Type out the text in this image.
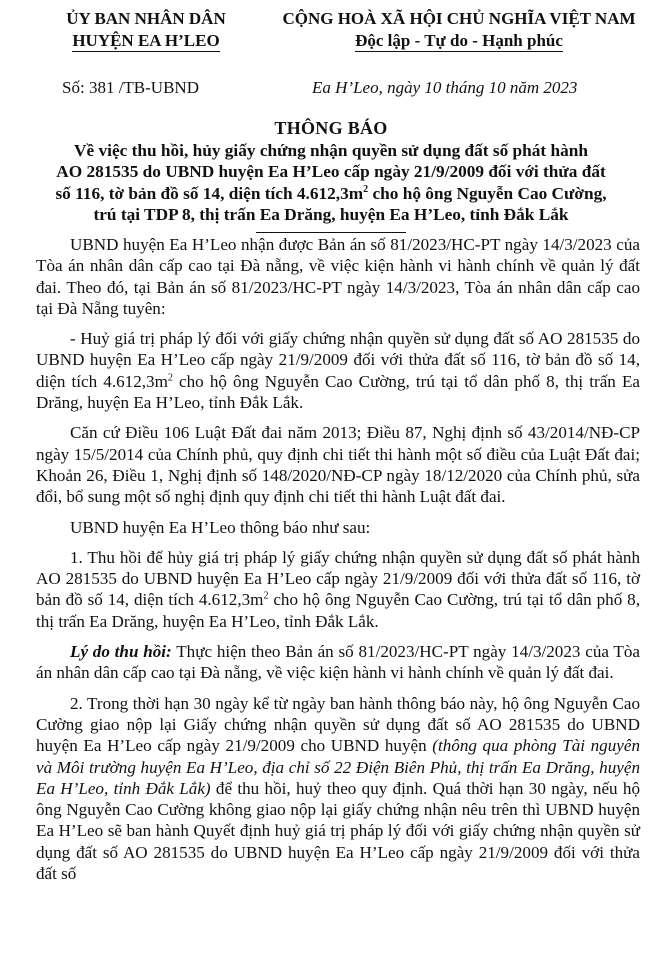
ỦY BAN NHÂN DÂN
HUYỆN EA H’LEO
CỘNG HOÀ XÃ HỘI CHỦ NGHĨA VIỆT NAM
Độc lập - Tự do - Hạnh phúc
Số: 381 /TB-UBND	Ea H’Leo, ngày 10 tháng 10 năm 2023
THÔNG BÁO
Về việc thu hồi, hủy giấy chứng nhận quyền sử dụng đất số phát hành
AO 281535 do UBND huyện Ea H’Leo cấp ngày 21/9/2009 đối với thửa đất
số 116, tờ bản đồ số 14, diện tích $4.612,3m^2$ cho hộ ông Nguyễn Cao Cường,
trú tại TDP 8, thị trấn Ea Drăng, huyện Ea H’Leo, tỉnh Đắk Lắk

UBND huyện Ea H’Leo nhận được Bản án số 81/2023/HC-PT ngày 14/3/2023 của Tòa án nhân dân cấp cao tại Đà nẵng, về việc kiện hành vi hành chính về quản lý đất đai. Theo đó, tại Bản án số 81/2023/HC-PT ngày 14/3/2023, Tòa án nhân dân cấp cao tại Đà Nẵng tuyên:

- Huỷ giá trị pháp lý đối với giấy chứng nhận quyền sử dụng đất số AO 281535 do UBND huyện Ea H’Leo cấp ngày 21/9/2009 đối với thửa đất số 116, tờ bản đồ số 14, diện tích $4.612,3m^2$ cho hộ ông Nguyễn Cao Cường, trú tại tổ dân phố 8, thị trấn Ea Drăng, huyện Ea H’Leo, tỉnh Đắk Lắk.

Căn cứ Điều 106 Luật Đất đai năm 2013; Điều 87, Nghị định số 43/2014/NĐ-CP ngày 15/5/2014 của Chính phủ, quy định chi tiết thi hành một số điều của Luật Đất đai; Khoản 26, Điều 1, Nghị định số 148/2020/NĐ-CP ngày 18/12/2020 của Chính phủ, sửa đổi, bổ sung một số nghị định quy định chi tiết thi hành Luật đất đai.

UBND huyện Ea H’Leo thông báo như sau:

1. Thu hồi để hủy giá trị pháp lý giấy chứng nhận quyền sử dụng đất số phát hành AO 281535 do UBND huyện Ea H’Leo cấp ngày 21/9/2009 đối với thửa đất số 116, tờ bản đồ số 14, diện tích $4.612,3m^2$ cho hộ ông Nguyễn Cao Cường, trú tại tổ dân phố 8, thị trấn Ea Drăng, huyện Ea H’Leo, tỉnh Đắk Lắk.

Lý do thu hồi: Thực hiện theo Bản án số 81/2023/HC-PT ngày 14/3/2023 của Tòa án nhân dân cấp cao tại Đà nẵng, về việc kiện hành vi hành chính về quản lý đất đai.

2. Trong thời hạn 30 ngày kể từ ngày ban hành thông báo này, hộ ông Nguyễn Cao Cường giao nộp lại Giấy chứng nhận quyền sử dụng đất số AO 281535 do UBND huyện Ea H’Leo cấp ngày 21/9/2009 cho UBND huyện (thông qua phòng Tài nguyên và Môi trường huyện Ea H’Leo, địa chỉ số 22 Điện Biên Phủ, thị trấn Ea Drăng, huyện Ea H’Leo, tỉnh Đắk Lắk) để thu hồi, huỷ theo quy định. Quá thời hạn 30 ngày, nếu hộ ông Nguyễn Cao Cường không giao nộp lại giấy chứng nhận nêu trên thì UBND huyện Ea H’Leo sẽ ban hành Quyết định huỷ giá trị pháp lý đối với giấy chứng nhận quyền sử dụng đất số AO 281535 do UBND huyện Ea H’Leo cấp ngày 21/9/2009 đối với thửa đất số
